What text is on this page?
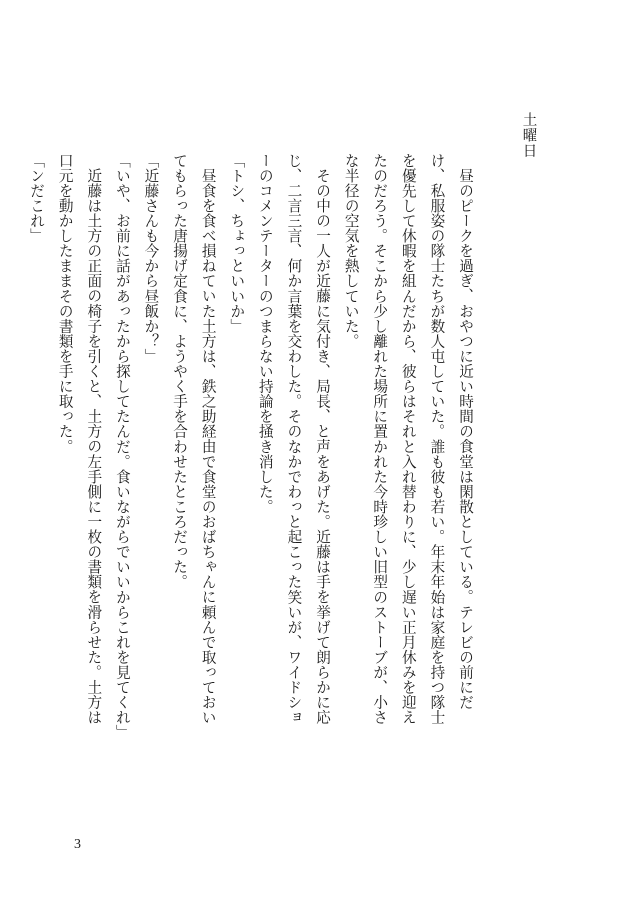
土曜日

昼のピークを過ぎ、おやつに近い時間の食堂は閑散としている。テレビの前にだけ、私服姿の隊士たちが数人屯していた。誰も彼も若い。年末年始は家庭を持つ隊士を優先して休暇を組んだから、彼らはそれと入れ替わりに、少し遅い正月休みを迎えたのだろう。そこから少し離れた場所に置かれた今時珍しい旧型のストーブが、小さな半径の空気を熱していた。

その中の一人が近藤に気付き、局長、と声をあげた。近藤は手を挙げて朗らかに応じ、二言三言、何か言葉を交わした。そのなかでわっと起こった笑いが、ワイドショーのコメンテーターのつまらない持論を掻き消した。

「トシ、ちょっといいか」

昼食を食べ損ねていた土方は、鉄之助経由で食堂のおばちゃんに頼んで取っておいてもらった唐揚げ定食に、ようやく手を合わせたところだった。

「近藤さんも今から昼飯か？」

「いや、お前に話があったから探してたんだ。食いながらでいいからこれを見てくれ」

近藤は土方の正面の椅子を引くと、土方の左手側に一枚の書類を滑らせた。土方は口元を動かしたままその書類を手に取った。

「ンだこれ」

3
